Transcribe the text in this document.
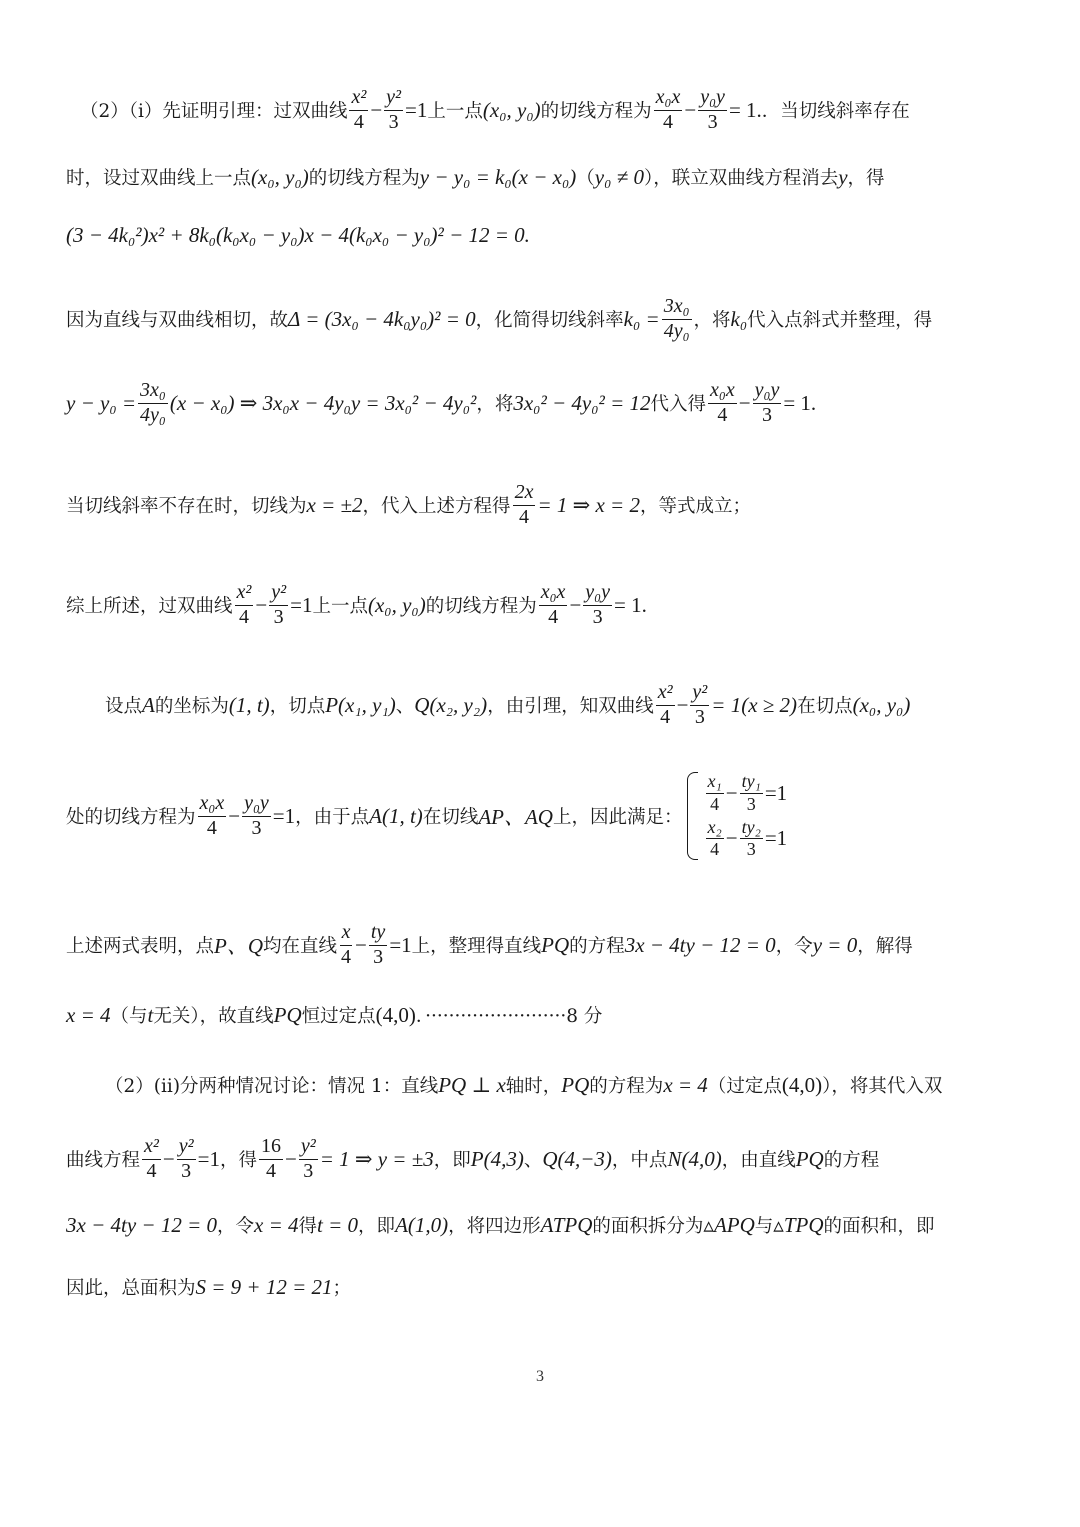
（2）（i）先证明引理：过双曲线 $\frac{\text{x²}}{4} - \frac{\text{y²}}{3} =1$ 上一点 (x₀, y₀) 的切线方程为 $\frac{\text{x₀x}}{4} - \frac{\text{y₀y}}{3} = 1$. ．当切线斜率存在
时，设过双曲线上一点 (x₀, y₀) 的切线方程为 y − y₀ = k₀(x − x₀) （ y₀ ≠ 0 ），联立双曲线方程消去 y ，得
(3 − 4k₀²)x² + 8k₀(k₀x₀ − y₀)x − 4(k₀x₀ − y₀)² − 12 = 0.
因为直线与双曲线相切，故 Δ = (3x₀ − 4k₀y₀)² = 0 ，化简得切线斜率 $k_0 = \frac{\text{3x₀}}{\text{4y₀}}$ ，将 k₀ 代入点斜式并整理，得
$y - y_0 = \frac{\text{3x₀}}{\text{4y₀}} (x - x_0)$ ⇒ 3x₀x − 4y₀y = 3x₀² − 4y₀² ，将 3x₀² − 4y₀² = 12 代入得 $\frac{\text{x₀x}}{4} - \frac{\text{y₀y}}{3} = 1$.
当切线斜率不存在时，切线为 x = ±2 ，代入上述方程得 $\frac{2x}{4} = 1$ ⇒ x = 2 ，等式成立；
综上所述，过双曲线 $\frac{\text{x²}}{4} - \frac{\text{y²}}{3} =1$ 上一点 (x₀, y₀) 的切线方程为 $\frac{\text{x₀x}}{4} - \frac{\text{y₀y}}{3} = 1$.
设点 A 的坐标为 (1, t) ，切点 P(x₁, y₁) 、 Q(x₂, y₂) ，由引理，知双曲线 $\frac{\text{x²}}{4} - \frac{\text{y²}}{3} = 1(x \ge 2)$ 在切点 (x₀, y₀)
处的切线方程为 $\frac{\text{x₀x}}{4} - \frac{\text{y₀y}}{3} =1$ ，由于点 A(1, t) 在切线 AP、AQ 上，因此满足：
$\frac{\text{x₁}}{4} - \frac{\text{ty₁}}{3} =1$
$\frac{\text{x₂}}{4} - \frac{\text{ty₂}}{3} =1$
上述两式表明，点 P、Q 均在直线 $\frac{x}{4} - \frac{ty}{3} =1$ 上，整理得直线 PQ 的方程 3x − 4ty − 12 = 0 ，令 y = 0 ，解得
x = 4 （与 t 无关），故直线 PQ 恒过定点 (4,0) ．························8 分
（2）(ii)分两种情况讨论：情况 1：直线 PQ ⊥ x 轴时， PQ 的方程为 x = 4 （过定点 (4,0) ），将其代入双
曲线方程 $\frac{\text{x²}}{4} - \frac{\text{y²}}{3} =1$ ，得 $\frac{16}{4} - \frac{\text{y²}}{3} = 1$ ⇒ y = ±3 ，即 P(4,3) 、 Q(4,−3) ，中点 N(4,0) ，由直线 PQ 的方程
3x − 4ty − 12 = 0 ，令 x = 4 得 t = 0 ，即 A(1,0) ，将四边形 ATPQ 的面积拆分为 ▵APQ 与 ▵TPQ 的面积和，即
因此，总面积为 S = 9 + 12 = 21 ；
3
